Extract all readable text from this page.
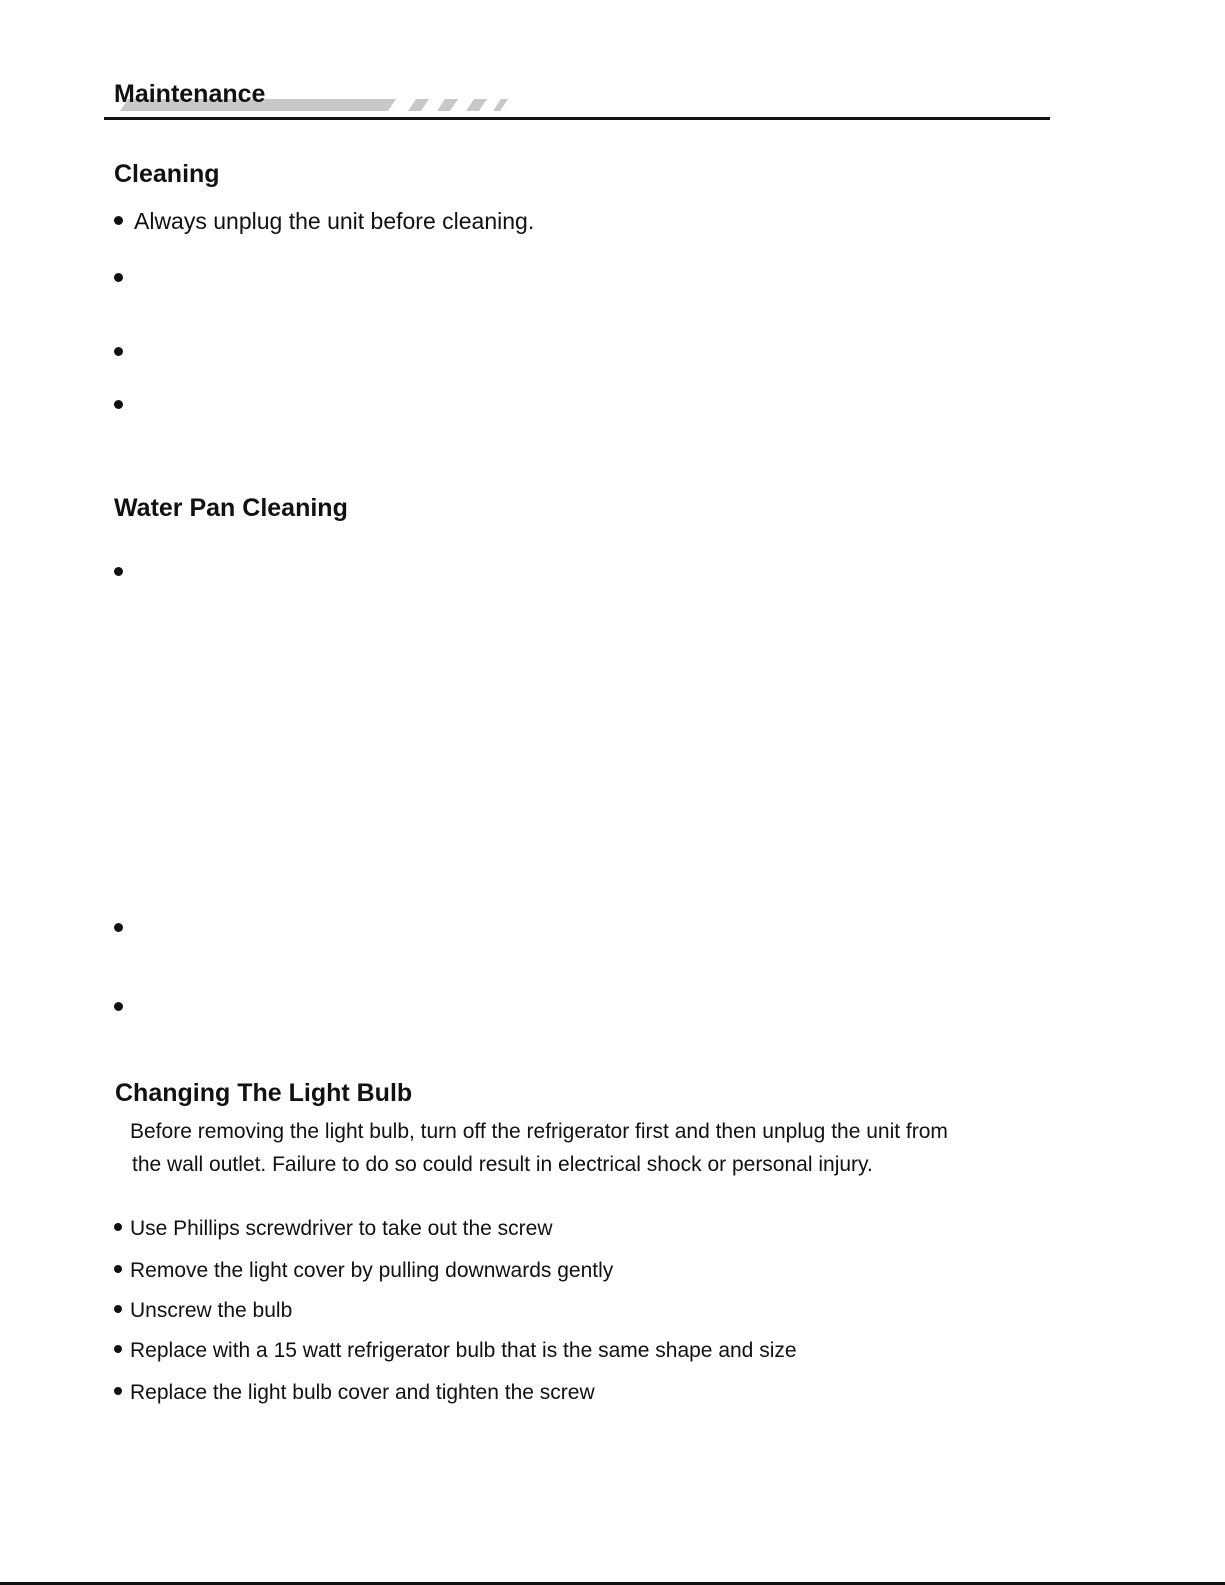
Maintenance
Cleaning
Always unplug the unit before cleaning.
Water Pan Cleaning
Changing The Light Bulb
Before removing the light bulb, turn off the refrigerator first and then unplug the unit from
the wall outlet. Failure to do so could result in electrical shock or personal injury.
Use Phillips screwdriver to take out the screw
Remove the light cover by pulling downwards gently
Unscrew the bulb
Replace with a 15 watt refrigerator bulb that is the same shape and size
Replace the light bulb cover and tighten the screw
